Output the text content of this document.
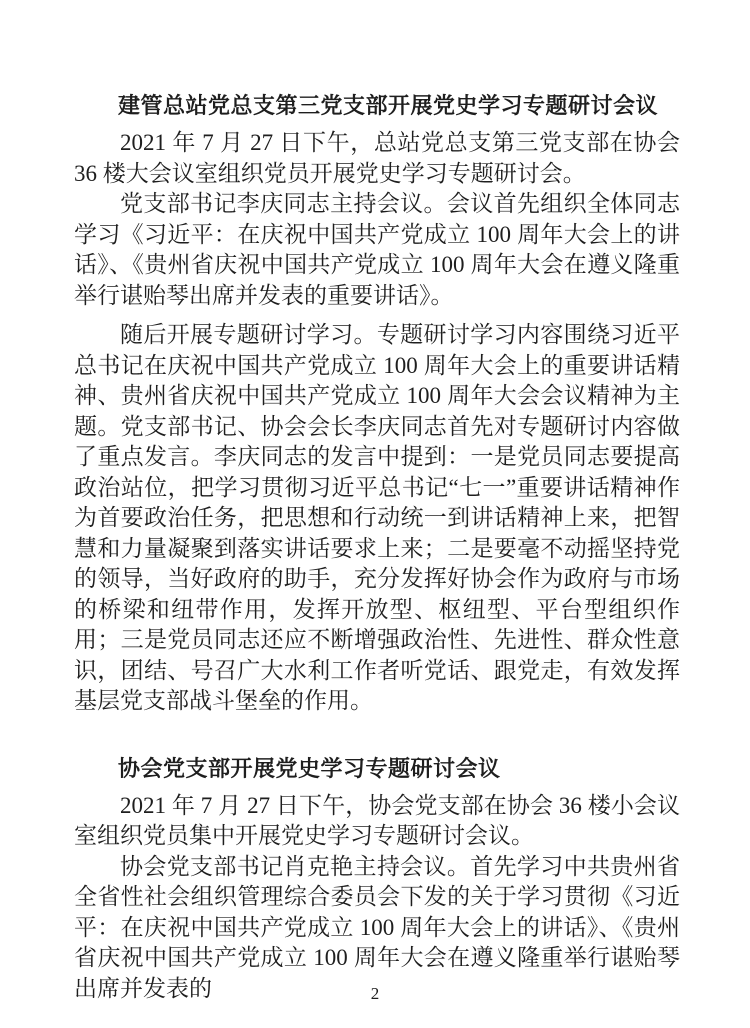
建管总站党总支第三党支部开展党史学习专题研讨会议

2021 年 7 月 27 日下午，总站党总支第三党支部在协会 36 楼大会议室组织党员开展党史学习专题研讨会。

党支部书记李庆同志主持会议。会议首先组织全体同志学习《习近平：在庆祝中国共产党成立 100 周年大会上的讲话》、《贵州省庆祝中国共产党成立 100 周年大会在遵义隆重举行谌贻琴出席并发表的重要讲话》。

随后开展专题研讨学习。专题研讨学习内容围绕习近平总书记在庆祝中国共产党成立 100 周年大会上的重要讲话精神、贵州省庆祝中国共产党成立 100 周年大会会议精神为主题。党支部书记、协会会长李庆同志首先对专题研讨内容做了重点发言。李庆同志的发言中提到：一是党员同志要提高政治站位，把学习贯彻习近平总书记“七一”重要讲话精神作为首要政治任务，把思想和行动统一到讲话精神上来，把智慧和力量凝聚到落实讲话要求上来；二是要毫不动摇坚持党的领导，当好政府的助手，充分发挥好协会作为政府与市场的桥梁和纽带作用，发挥开放型、枢纽型、平台型组织作用；三是党员同志还应不断增强政治性、先进性、群众性意识，团结、号召广大水利工作者听党话、跟党走，有效发挥基层党支部战斗堡垒的作用。

协会党支部开展党史学习专题研讨会议

2021 年 7 月 27 日下午，协会党支部在协会 36 楼小会议室组织党员集中开展党史学习专题研讨会议。

协会党支部书记肖克艳主持会议。首先学习中共贵州省全省性社会组织管理综合委员会下发的关于学习贯彻《习近平：在庆祝中国共产党成立 100 周年大会上的讲话》、《贵州省庆祝中国共产党成立 100 周年大会在遵义隆重举行谌贻琴出席并发表的	2
